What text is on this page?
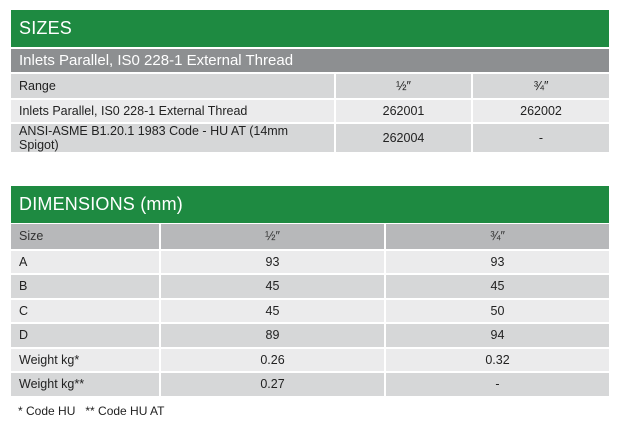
SIZES
Inlets Parallel, IS0 228-1 External Thread
Range	½″	¾″
Inlets Parallel, IS0 228-1 External Thread	262001	262002
ANSI-ASME B1.20.1 1983 Code - HU AT (14mm Spigot)	262004	-
DIMENSIONS (mm)
Size	½″	¾″
A	93	93
B	45	45
C	45	50
D	89	94
Weight kg*	0.26	0.32
Weight kg**	0.27	-
* Code HU   ** Code HU AT
